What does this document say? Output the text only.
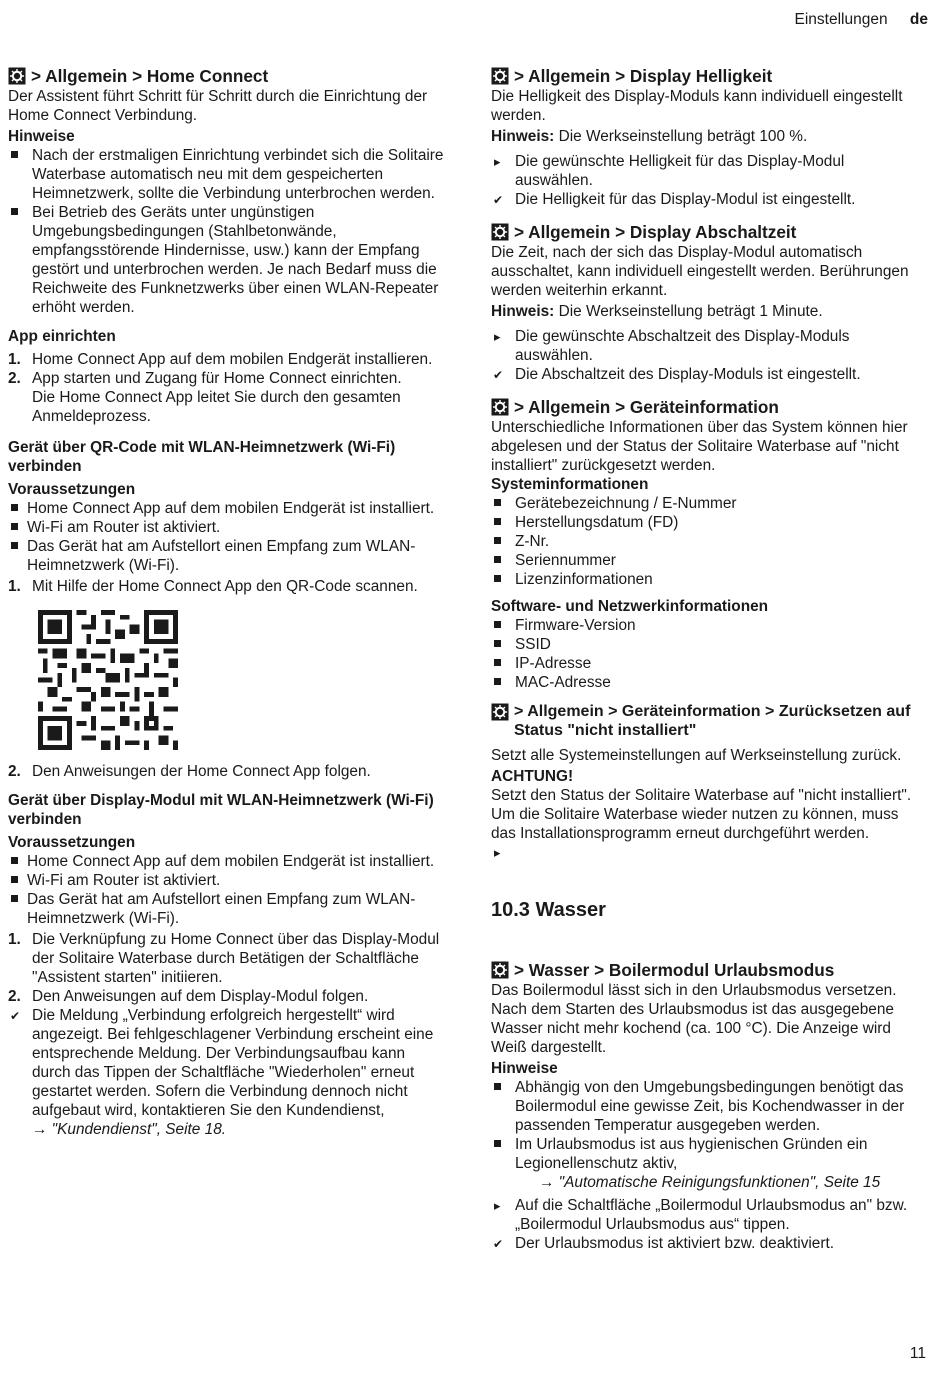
Einstellungen de
> Allgemein > Home Connect

Der Assistent führt Schritt für Schritt durch die Einrichtung der Home Connect Verbindung.

Hinweise

Nach der erstmaligen Einrichtung verbindet sich die Solitaire Waterbase automatisch neu mit dem gespeicherten Heimnetzwerk, sollte die Verbindung unterbrochen werden.
Bei Betrieb des Geräts unter ungünstigen Umgebungsbedingungen (Stahlbetonwände, empfangsstörende Hindernisse, usw.) kann der Empfang gestört und unterbrochen werden. Je nach Bedarf muss die Reichweite des Funknetzwerks über einen WLAN-Repeater erhöht werden.

App einrichten

1. Home Connect App auf dem mobilen Endgerät installieren.
2. App starten und Zugang für Home Connect einrichten.
Die Home Connect App leitet Sie durch den gesamten Anmeldeprozess.

Gerät über QR-Code mit WLAN-Heimnetzwerk (Wi-Fi) verbinden

Voraussetzungen

Home Connect App auf dem mobilen Endgerät ist installiert.
Wi-Fi am Router ist aktiviert.
Das Gerät hat am Aufstellort einen Empfang zum WLAN-Heimnetzwerk (Wi-Fi).
1. Mit Hilfe der Home Connect App den QR-Code scannen.
2. Den Anweisungen der Home Connect App folgen.

Gerät über Display-Modul mit WLAN-Heimnetzwerk (Wi-Fi) verbinden

Voraussetzungen

Home Connect App auf dem mobilen Endgerät ist installiert.
Wi-Fi am Router ist aktiviert.
Das Gerät hat am Aufstellort einen Empfang zum WLAN-Heimnetzwerk (Wi-Fi).
1. Die Verknüpfung zu Home Connect über das Display-Modul der Solitaire Waterbase durch Betätigen der Schaltfläche "Assistent starten" initiieren.
2. Den Anweisungen auf dem Display-Modul folgen.
✔
Die Meldung „Verbindung erfolgreich hergestellt“ wird angezeigt. Bei fehlgeschlagener Verbindung erscheint eine entsprechende Meldung. Der Verbindungsaufbau kann durch das Tippen der Schaltfläche "Wiederholen" erneut gestartet werden. Sofern die Verbindung dennoch nicht aufgebaut wird, kontaktieren Sie den Kundendienst,
→ "Kundendienst", Seite 18.
> Allgemein > Display Helligkeit

Die Helligkeit des Display-Moduls kann individuell eingestellt werden.

Hinweis: Die Werkseinstellung beträgt 100 %.

▸
Die gewünschte Helligkeit für das Display-Modul auswählen.
✔
Die Helligkeit für das Display-Modul ist eingestellt.
> Allgemein > Display Abschaltzeit

Die Zeit, nach der sich das Display-Modul automatisch ausschaltet, kann individuell eingestellt werden. Berührungen werden weiterhin erkannt.

Hinweis: Die Werkseinstellung beträgt 1 Minute.

▸
Die gewünschte Abschaltzeit des Display-Moduls auswählen.
✔
Die Abschaltzeit des Display-Moduls ist eingestellt.
> Allgemein > Geräteinformation

Unterschiedliche Informationen über das System können hier abgelesen und der Status der Solitaire Waterbase auf "nicht installiert" zurückgesetzt werden.

Systeminformationen

Gerätebezeichnung / E-Nummer
Herstellungsdatum (FD)
Z-Nr.
Seriennummer
Lizenzinformationen

Software- und Netzwerkinformationen

Firmware-Version
SSID
IP-Adresse
MAC-Adresse
> Allgemein > Geräteinformation > Zurücksetzen auf Status "nicht installiert"

Setzt alle Systemeinstellungen auf Werkseinstellung zurück.

ACHTUNG!

Setzt den Status der Solitaire Waterbase auf "nicht installiert". Um die Solitaire Waterbase wieder nutzen zu können, muss das Installationsprogramm erneut durchgeführt werden.

▸

10.3 Wasser

> Wasser > Boilermodul Urlaubsmodus

Das Boilermodul lässt sich in den Urlaubsmodus versetzen. Nach dem Starten des Urlaubsmodus ist das ausgegebene Wasser nicht mehr kochend (ca. 100 °C). Die Anzeige wird Weiß dargestellt.

Hinweise

Abhängig von den Umgebungsbedingungen benötigt das Boilermodul eine gewisse Zeit, bis Kochendwasser in der passenden Temperatur ausgegeben werden.
Im Urlaubsmodus ist aus hygienischen Gründen ein Legionellenschutz aktiv,
→ "Automatische Reinigungsfunktionen", Seite 15
▸
Auf die Schaltfläche „Boilermodul Urlaubsmodus an" bzw. „Boilermodul Urlaubsmodus aus“ tippen.
✔
Der Urlaubsmodus ist aktiviert bzw. deaktiviert.
11
